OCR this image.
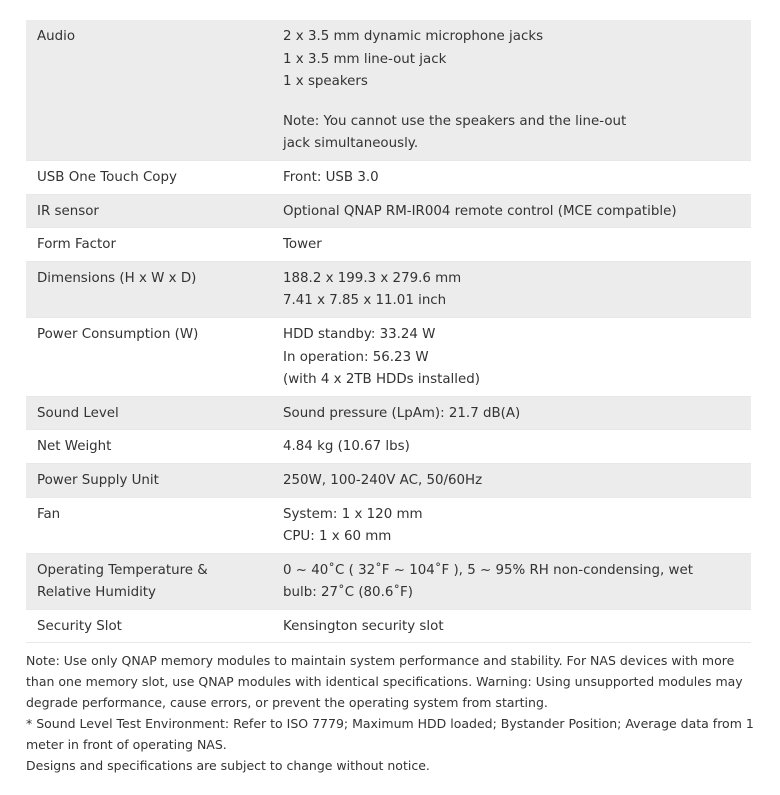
Audio	2 x 3.5 mm dynamic microphone jacks
1 x 3.5 mm line-out jack
1 x speakers
Note: You cannot use the speakers and the line-out jack simultaneously.

USB One Touch Copy	Front: USB 3.0

IR sensor	Optional QNAP RM-IR004 remote control (MCE compatible)

Form Factor	Tower

Dimensions (H x W x D)	188.2 x 199.3 x 279.6 mm
7.41 x 7.85 x 11.01 inch

Power Consumption (W)	HDD standby: 33.24 W
In operation: 56.23 W
(with 4 x 2TB HDDs installed)

Sound Level	Sound pressure (LpAm): 21.7 dB(A)

Net Weight	4.84 kg (10.67 lbs)

Power Supply Unit	250W, 100-240V AC, 50/60Hz

Fan	System: 1 x 120 mm
CPU: 1 x 60 mm

Operating Temperature & Relative Humidity	0 ~ 40˚C ( 32˚F ~ 104˚F ), 5 ~ 95% RH non-condensing, wet bulb: 27˚C (80.6˚F)

Security Slot	Kensington security slot

Note: Use only QNAP memory modules to maintain system performance and stability. For NAS devices with more than one memory slot, use QNAP modules with identical specifications. Warning: Using unsupported modules may degrade performance, cause errors, or prevent the operating system from starting.

* Sound Level Test Environment: Refer to ISO 7779; Maximum HDD loaded; Bystander Position; Average data from 1 meter in front of operating NAS.

Designs and specifications are subject to change without notice.
